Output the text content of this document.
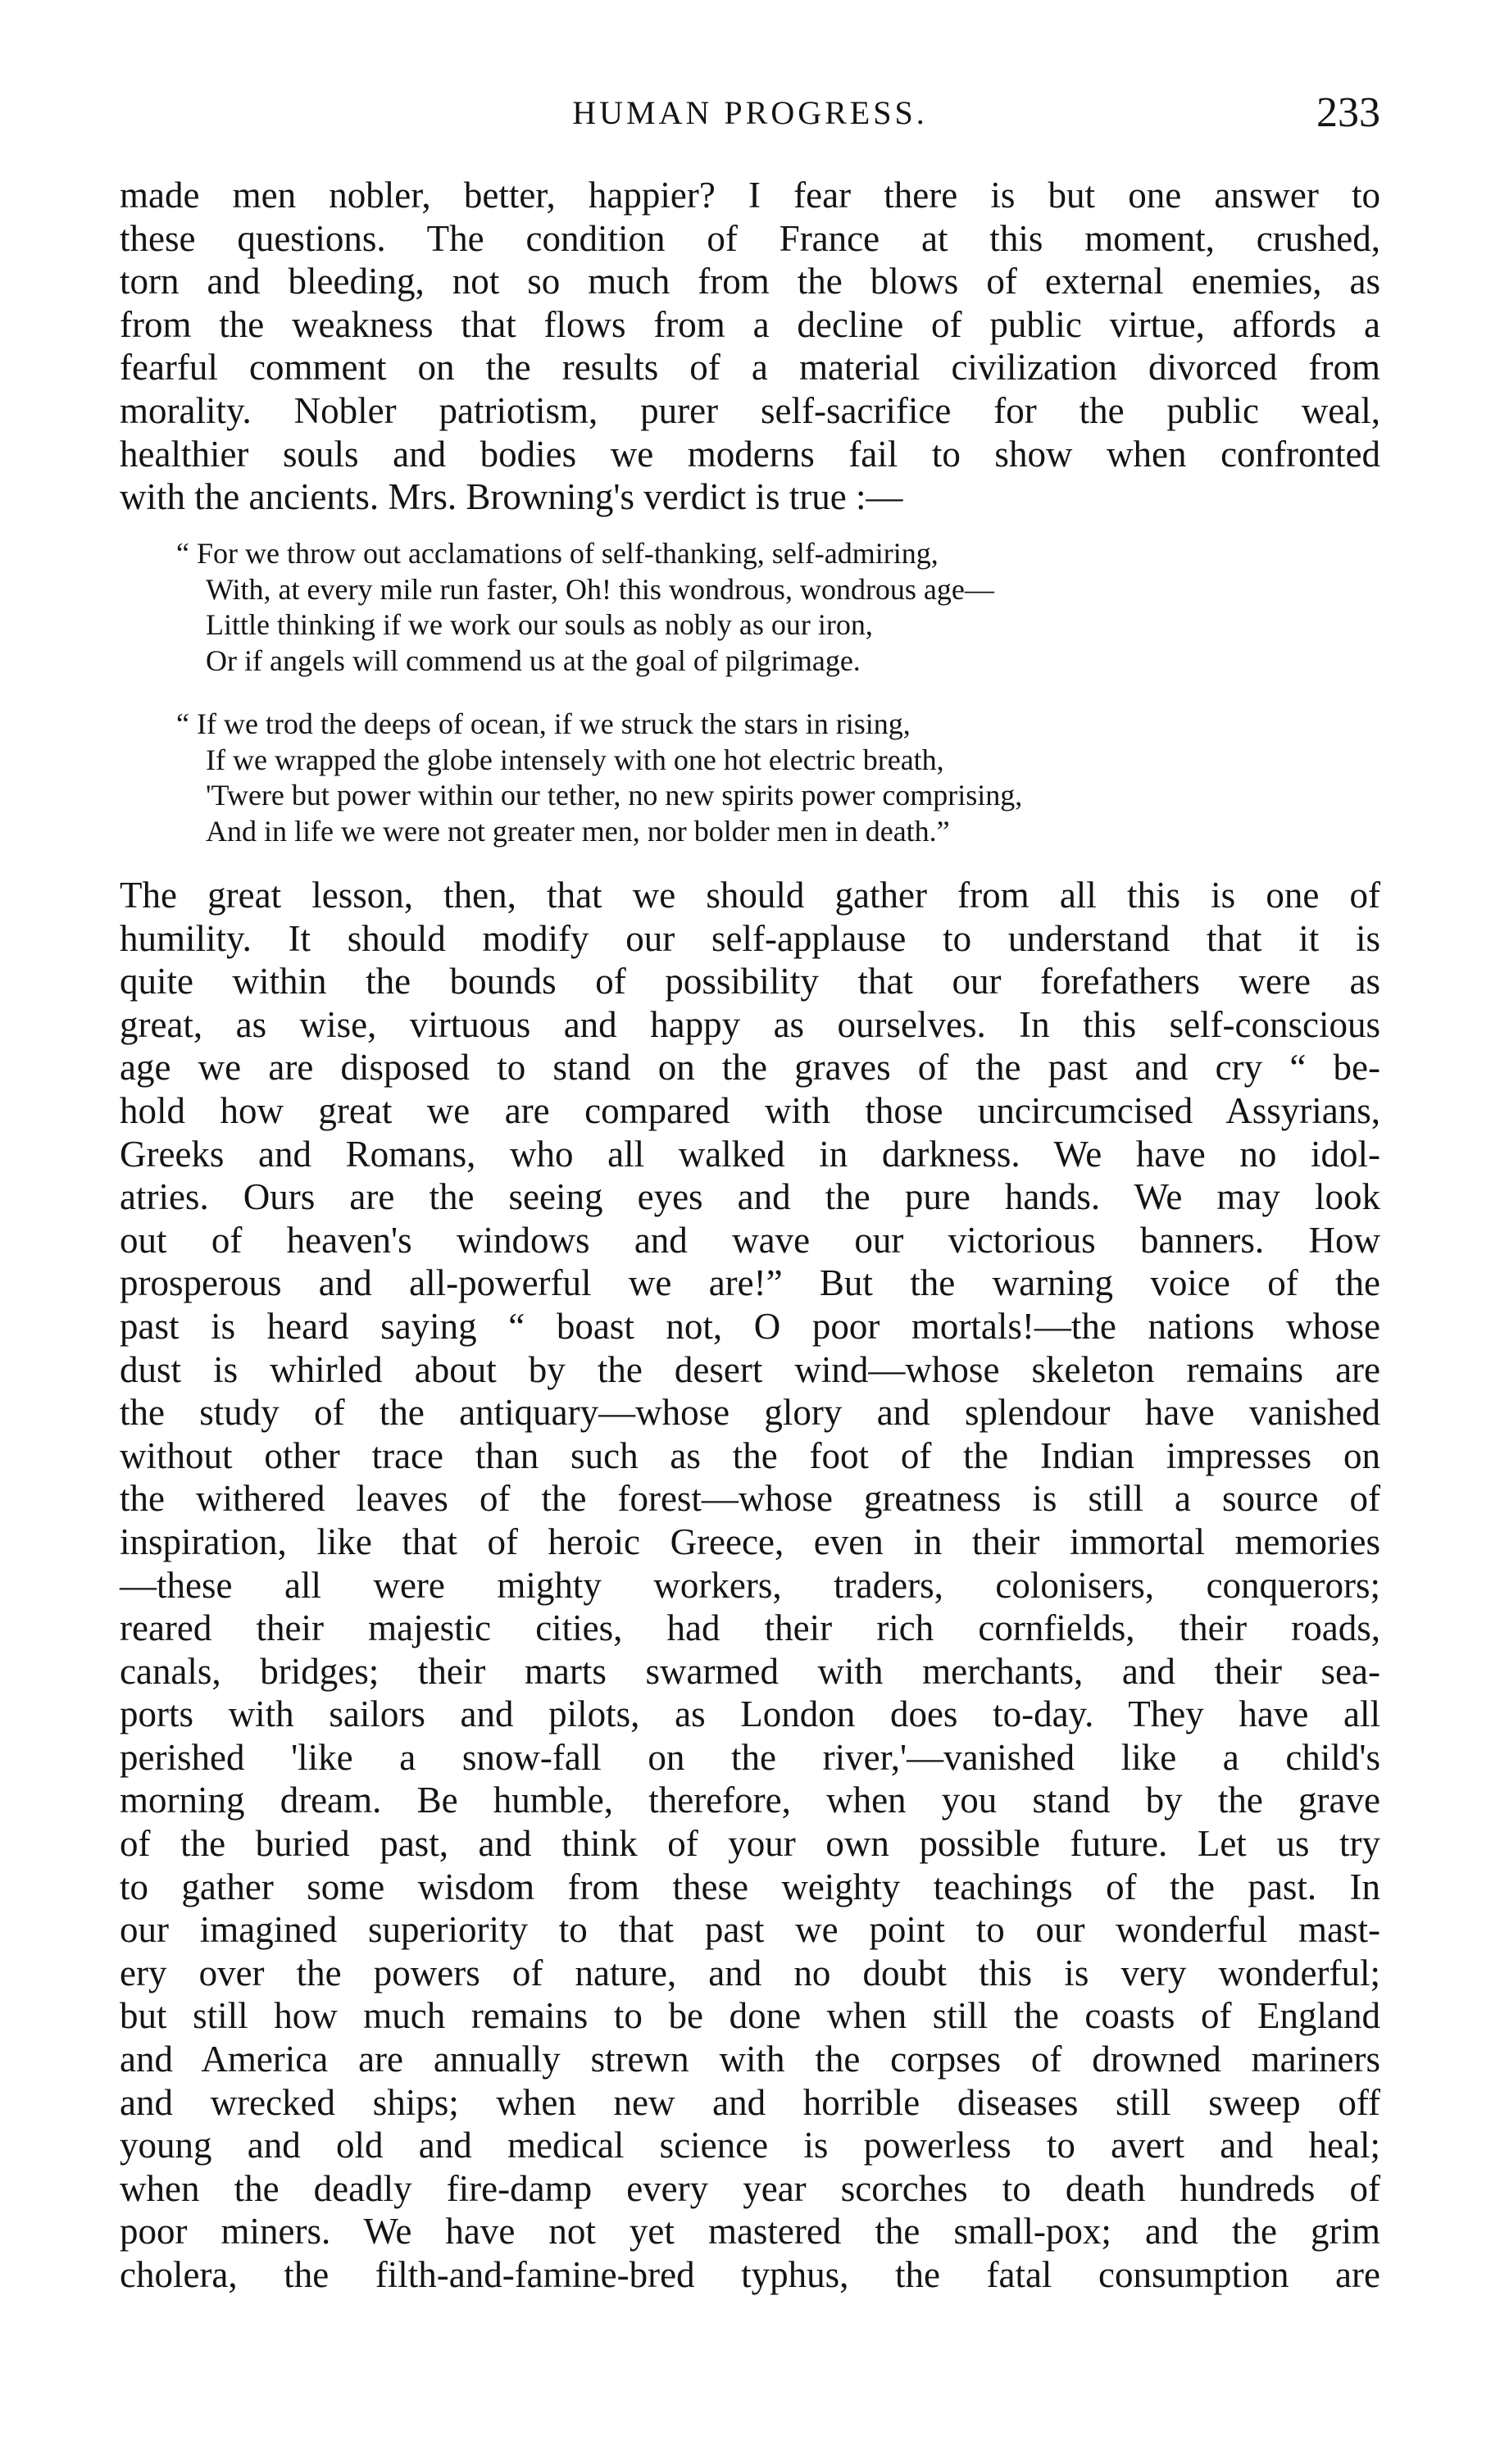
HUMAN PROGRESS.	233
made men nobler, better, happier? I fear there is but one answer to
these questions. The condition of France at this moment, crushed,
torn and bleeding, not so much from the blows of external enemies, as
from the weakness that flows from a decline of public virtue, affords a
fearful comment on the results of a material civilization divorced from
morality. Nobler patriotism, purer self-sacrifice for the public weal,
healthier souls and bodies we moderns fail to show when confronted
with the ancients. Mrs. Browning's verdict is true :—
“ For we throw out acclamations of self-thanking, self-admiring,
With, at every mile run faster, Oh! this wondrous, wondrous age—
Little thinking if we work our souls as nobly as our iron,
Or if angels will commend us at the goal of pilgrimage.
“ If we trod the deeps of ocean, if we struck the stars in rising,
If we wrapped the globe intensely with one hot electric breath,
'Twere but power within our tether, no new spirits power comprising,
And in life we were not greater men, nor bolder men in death.”
The great lesson, then, that we should gather from all this is one of
humility. It should modify our self-applause to understand that it is
quite within the bounds of possibility that our forefathers were as
great, as wise, virtuous and happy as ourselves. In this self-conscious
age we are disposed to stand on the graves of the past and cry “ be-
hold how great we are compared with those uncircumcised Assyrians,
Greeks and Romans, who all walked in darkness. We have no idol-
atries. Ours are the seeing eyes and the pure hands. We may look
out of heaven's windows and wave our victorious banners. How
prosperous and all-powerful we are!” But the warning voice of the
past is heard saying “ boast not, O poor mortals!—the nations whose
dust is whirled about by the desert wind—whose skeleton remains are
the study of the antiquary—whose glory and splendour have vanished
without other trace than such as the foot of the Indian impresses on
the withered leaves of the forest—whose greatness is still a source of
inspiration, like that of heroic Greece, even in their immortal memories
—these all were mighty workers, traders, colonisers, conquerors;
reared their majestic cities, had their rich cornfields, their roads,
canals, bridges; their marts swarmed with merchants, and their sea-
ports with sailors and pilots, as London does to-day. They have all
perished 'like a snow-fall on the river,'—vanished like a child's
morning dream. Be humble, therefore, when you stand by the grave
of the buried past, and think of your own possible future. Let us try
to gather some wisdom from these weighty teachings of the past. In
our imagined superiority to that past we point to our wonderful mast-
ery over the powers of nature, and no doubt this is very wonderful;
but still how much remains to be done when still the coasts of England
and America are annually strewn with the corpses of drowned mariners
and wrecked ships; when new and horrible diseases still sweep off
young and old and medical science is powerless to avert and heal;
when the deadly fire-damp every year scorches to death hundreds of
poor miners. We have not yet mastered the small-pox; and the grim
cholera, the filth-and-famine-bred typhus, the fatal consumption are
